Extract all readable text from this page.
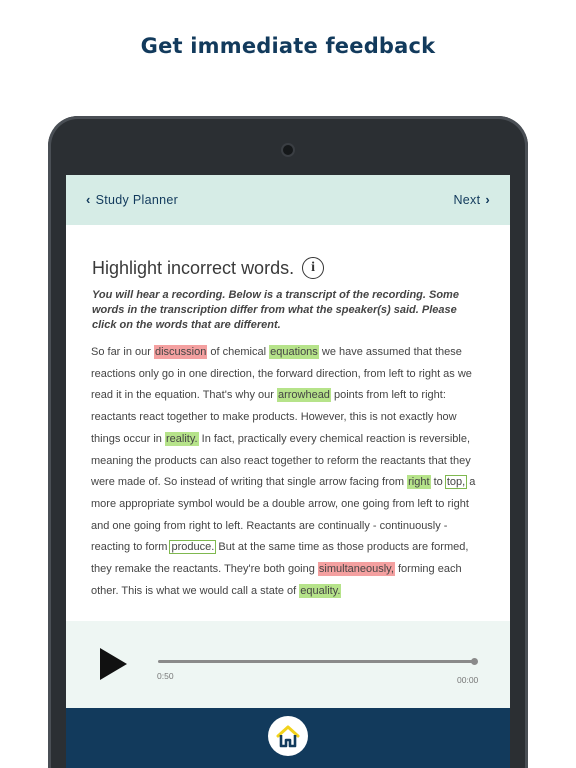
Get immediate feedback
‹ Study Planner	Next ›
Highlight incorrect words.	i
You will hear a recording. Below is a transcript of the recording. Some words in the transcription differ from what the speaker(s) said. Please click on the words that are different.
So far in our discussion of chemical equations we have assumed that these reactions only go in one direction, the forward direction, from left to right as we read it in the equation. That's why our arrowhead points from left to right: reactants react together to make products. However, this is not exactly how things occur in reality. In fact, practically every chemical reaction is reversible, meaning the products can also react together to reform the reactants that they were made of. So instead of writing that single arrow facing from right to top, a more appropriate symbol would be a double arrow, one going from left to right and one going from right to left. Reactants are continually - continuously - reacting to form produce. But at the same time as those products are formed, they remake the reactants. They're both going simultaneously, forming each other. This is what we would call a state of equality.
0:50	00:00
